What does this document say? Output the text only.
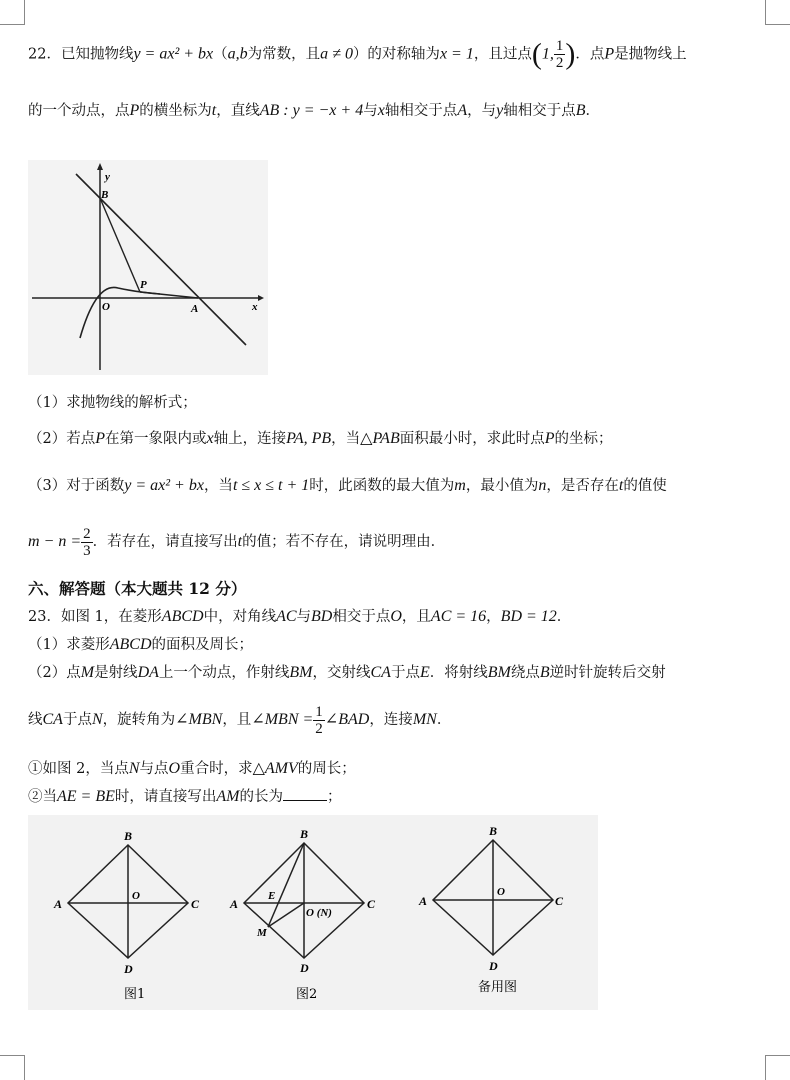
22．已知抛物线y = ax² + bx（a,b为常数，且a ≠ 0）的对称轴为x = 1，且过点(1, $\frac{1}{2}$ )．点P是抛物线上
的一个动点，点P的横坐标为t，直线AB : y = −x + 4与x轴相交于点A，与y轴相交于点B．
y
x
B
P
O	A
（1）求抛物线的解析式；
（2）若点P在第一象限内或x轴上，连接PA, PB，当△PAB面积最小时，求此时点P的坐标；
（3）对于函数y = ax² + bx，当t ≤ x ≤ t + 1时，此函数的最大值为m，最小值为n，是否存在t的值使
$m - n = \frac{2}{3}$ ．若存在，请直接写出t的值；若不存在，请说明理由．
六、解答题（本大题共 12 分）
23．如图 1，在菱形ABCD中，对角线AC与BD相交于点O，且AC = 16，BD = 12．
（1）求菱形ABCD的面积及周长；
（2）点M是射线DA上一个动点，作射线BM，交射线CA于点E．将射线BM绕点B逆时针旋转后交射
线CA于点N，旋转角为∠MBN，且∠MBN = $\frac{1}{2}$ ∠BAD，连接MN．
①如图 2，当点N与点O重合时，求△AMV的周长；
②当AE = BE时，请直接写出AM的长为	；
B
A	C
D
O
图1
B
A	C
D
E
O (N)
M
图2
B
A	C
D
O
备用图
